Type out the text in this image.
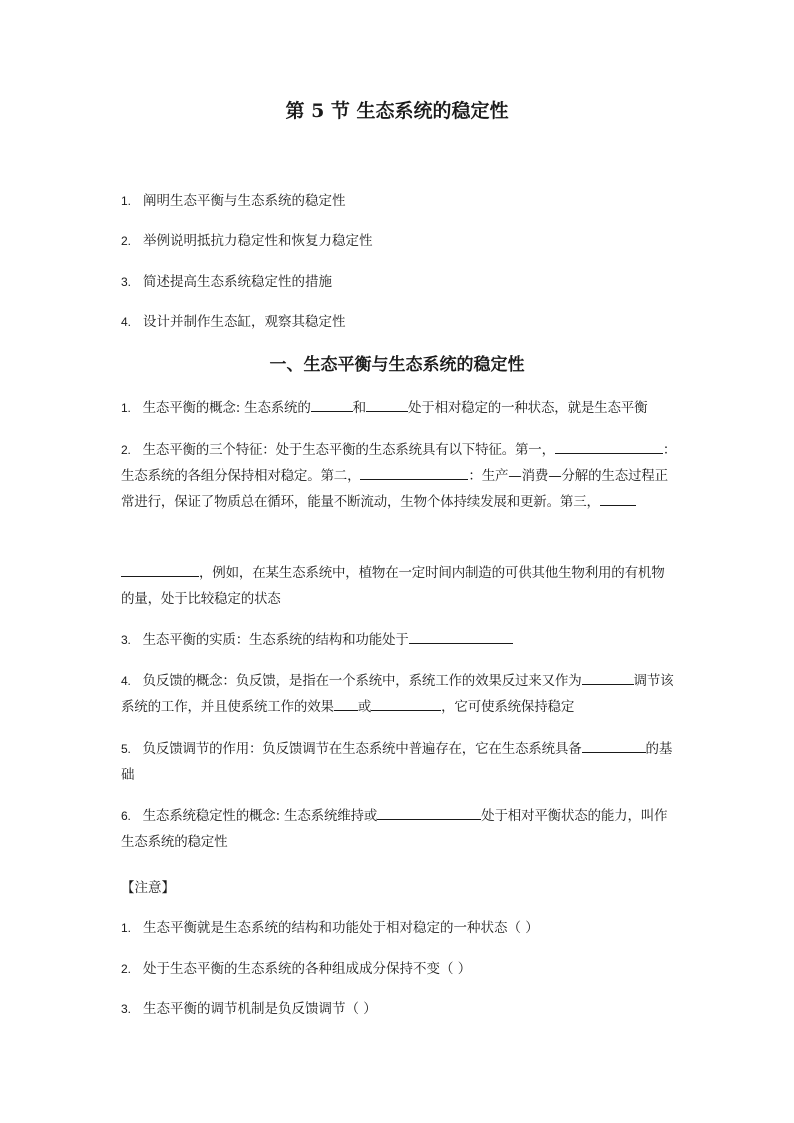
第 5 节 生态系统的稳定性
1. 阐明生态平衡与生态系统的稳定性
2. 举例说明抵抗力稳定性和恢复力稳定性
3. 简述提高生态系统稳定性的措施
4. 设计并制作生态缸，观察其稳定性
一、生态平衡与生态系统的稳定性
1. 生态平衡的概念: 生态系统的	和	处于相对稳定的一种状态，就是生态平衡

2. 生态平衡的三个特征：处于生态平衡的生态系统具有以下特征。第一，	：生态系统的各组分保持相对稳定。第二，	：生产—消费—分解的生态过程正常进行，保证了物质总在循环，能量不断流动，生物个体持续发展和更新。第三，

，例如，在某生态系统中，植物在一定时间内制造的可供其他生物利用的有机物的量，处于比较稳定的状态

3. 生态平衡的实质：生态系统的结构和功能处于

4. 负反馈的概念：负反馈，是指在一个系统中，系统工作的效果反过来又作为	调节该系统的工作，并且使系统工作的效果 或	，它可使系统保持稳定

5. 负反馈调节的作用：负反馈调节在生态系统中普遍存在，它在生态系统具备	的基础

6. 生态系统稳定性的概念: 生态系统维持或	处于相对平衡状态的能力，叫作生态系统的稳定性

【注意】
1. 生态平衡就是生态系统的结构和功能处于相对稳定的一种状态（ ）
2. 处于生态平衡的生态系统的各种组成成分保持不变（ ）
3. 生态平衡的调节机制是负反馈调节（ ）
